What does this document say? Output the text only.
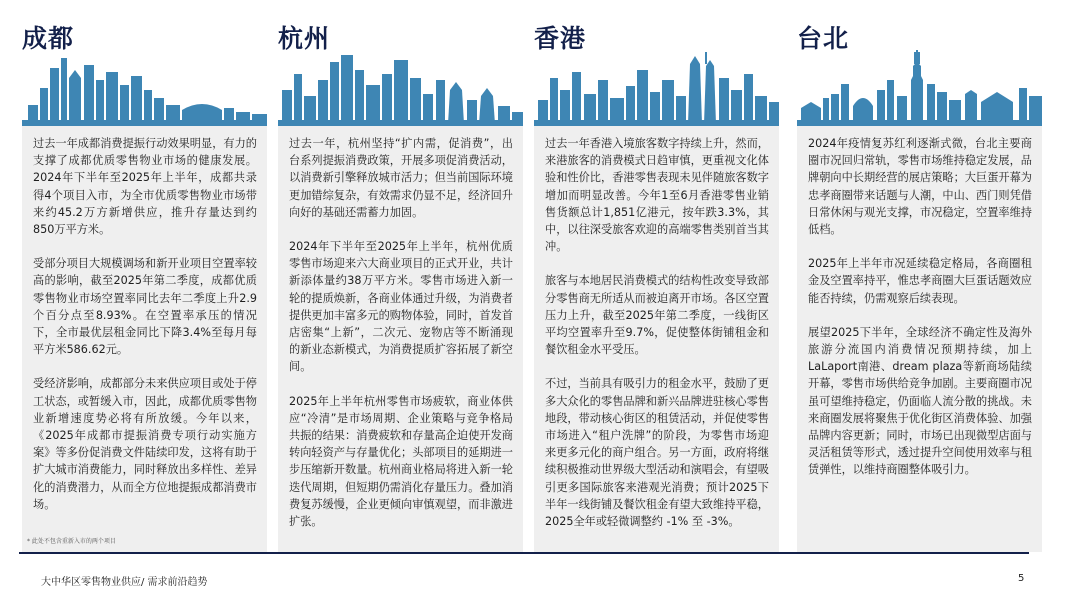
成都

过去一年成都消费提振行动效果明显，有力的支撑了成都优质零售物业市场的健康发展。2024年下半年至2025年上半年，成都共录得4个项目入市，为全市优质零售物业市场带来约45.2万方新增供应，推升存量达到约850万平方米。

受部分项目大规模调场和新开业项目空置率较高的影响，截至2025年第二季度，成都优质零售物业市场空置率同比去年二季度上升2.9个百分点至8.93%。在空置率承压的情况下，全市最优层租金同比下降3.4%至每月每平方米586.62元。

受经济影响，成都部分未来供应项目或处于停工状态，或暂缓入市，因此，成都优质零售物业新增速度势必将有所放缓。今年以来，《2025年成都市提振消费专项行动实施方案》等多份促消费文件陆续印发，这将有助于扩大城市消费能力，同时释放出多样性、差异化的消费潜力，从而全方位地提振成都消费市场。

* 此处不包含重新入市的两个项目
杭州

过去一年，杭州坚持“扩内需，促消费”，出台系列提振消费政策，开展多项促消费活动，以消费新引擎释放城市活力；但当前国际环境更加错综复杂，有效需求仍显不足，经济回升向好的基础还需蓄力加固。

2024年下半年至2025年上半年，杭州优质零售市场迎来六大商业项目的正式开业，共计新添体量约38万平方米。零售市场进入新一轮的提质焕新，各商业体通过升级，为消费者提供更加丰富多元的购物体验，同时，首发首店密集“上新”，二次元、宠物店等不断涌现的新业态新模式，为消费提质扩容拓展了新空间。

2025年上半年杭州零售市场疲软，商业体供应“冷清”是市场周期、企业策略与竞争格局共振的结果：消费疲软和存量高企迫使开发商转向轻资产与存量优化；头部项目的延期进一步压缩新开数量。杭州商业格局将进入新一轮迭代周期，但短期仍需消化存量压力。叠加消费复苏缓慢，企业更倾向审慎观望，而非激进扩张。

香港

过去一年香港入境旅客数字持续上升，然而，来港旅客的消费模式日趋审慎，更重视文化体验和性价比，香港零售表现未见伴随旅客数字增加而明显改善。今年1至6月香港零售业销售货额总计1,851亿港元，按年跌3.3%，其中，以往深受旅客欢迎的高端零售类别首当其冲。

旅客与本地居民消费模式的结构性改变导致部分零售商无所适从而被迫离开市场。各区空置压力上升，截至2025年第二季度，一线街区平均空置率升至9.7%，促使整体街铺租金和餐饮租金水平受压。

不过，当前具有吸引力的租金水平，鼓励了更多大众化的零售品牌和新兴品牌进驻核心零售地段，带动核心街区的租赁活动，并促使零售市场进入“租户洗牌”的阶段，为零售市场迎来更多元化的商户组合。另一方面，政府将继续积极推动世界级大型活动和演唱会，有望吸引更多国际旅客来港观光消费；预计2025下半年一线街铺及餐饮租金有望大致维持平稳，2025全年或轻微调整约 -1% 至 -3%。

台北

2024年疫情复苏红利逐渐式微，台北主要商圈市况回归常轨，零售市场维持稳定发展，品牌朝向中长期经营的展店策略；大巨蛋开幕为忠孝商圈带来话题与人潮，中山、西门则凭借日常休闲与观光支撑，市况稳定，空置率维持低档。

2025年上半年市况延续稳定格局，各商圈租金及空置率持平，惟忠孝商圈大巨蛋话题效应能否持续，仍需观察后续表现。

展望2025下半年，全球经济不确定性及海外旅游分流国内消费情况预期持续，加上LaLaport南港、dream plaza等新商场陆续开幕，零售市场供给竞争加剧。主要商圈市况虽可望维持稳定，仍面临人流分散的挑战。未来商圈发展将聚焦于优化街区消费体验、加强品牌内容更新；同时，市场已出现微型店面与灵活租赁等形式，透过提升空间使用效率与租赁弹性，以维持商圈整体吸引力。

大中华区零售物业供应/ 需求前沿趋势	5
